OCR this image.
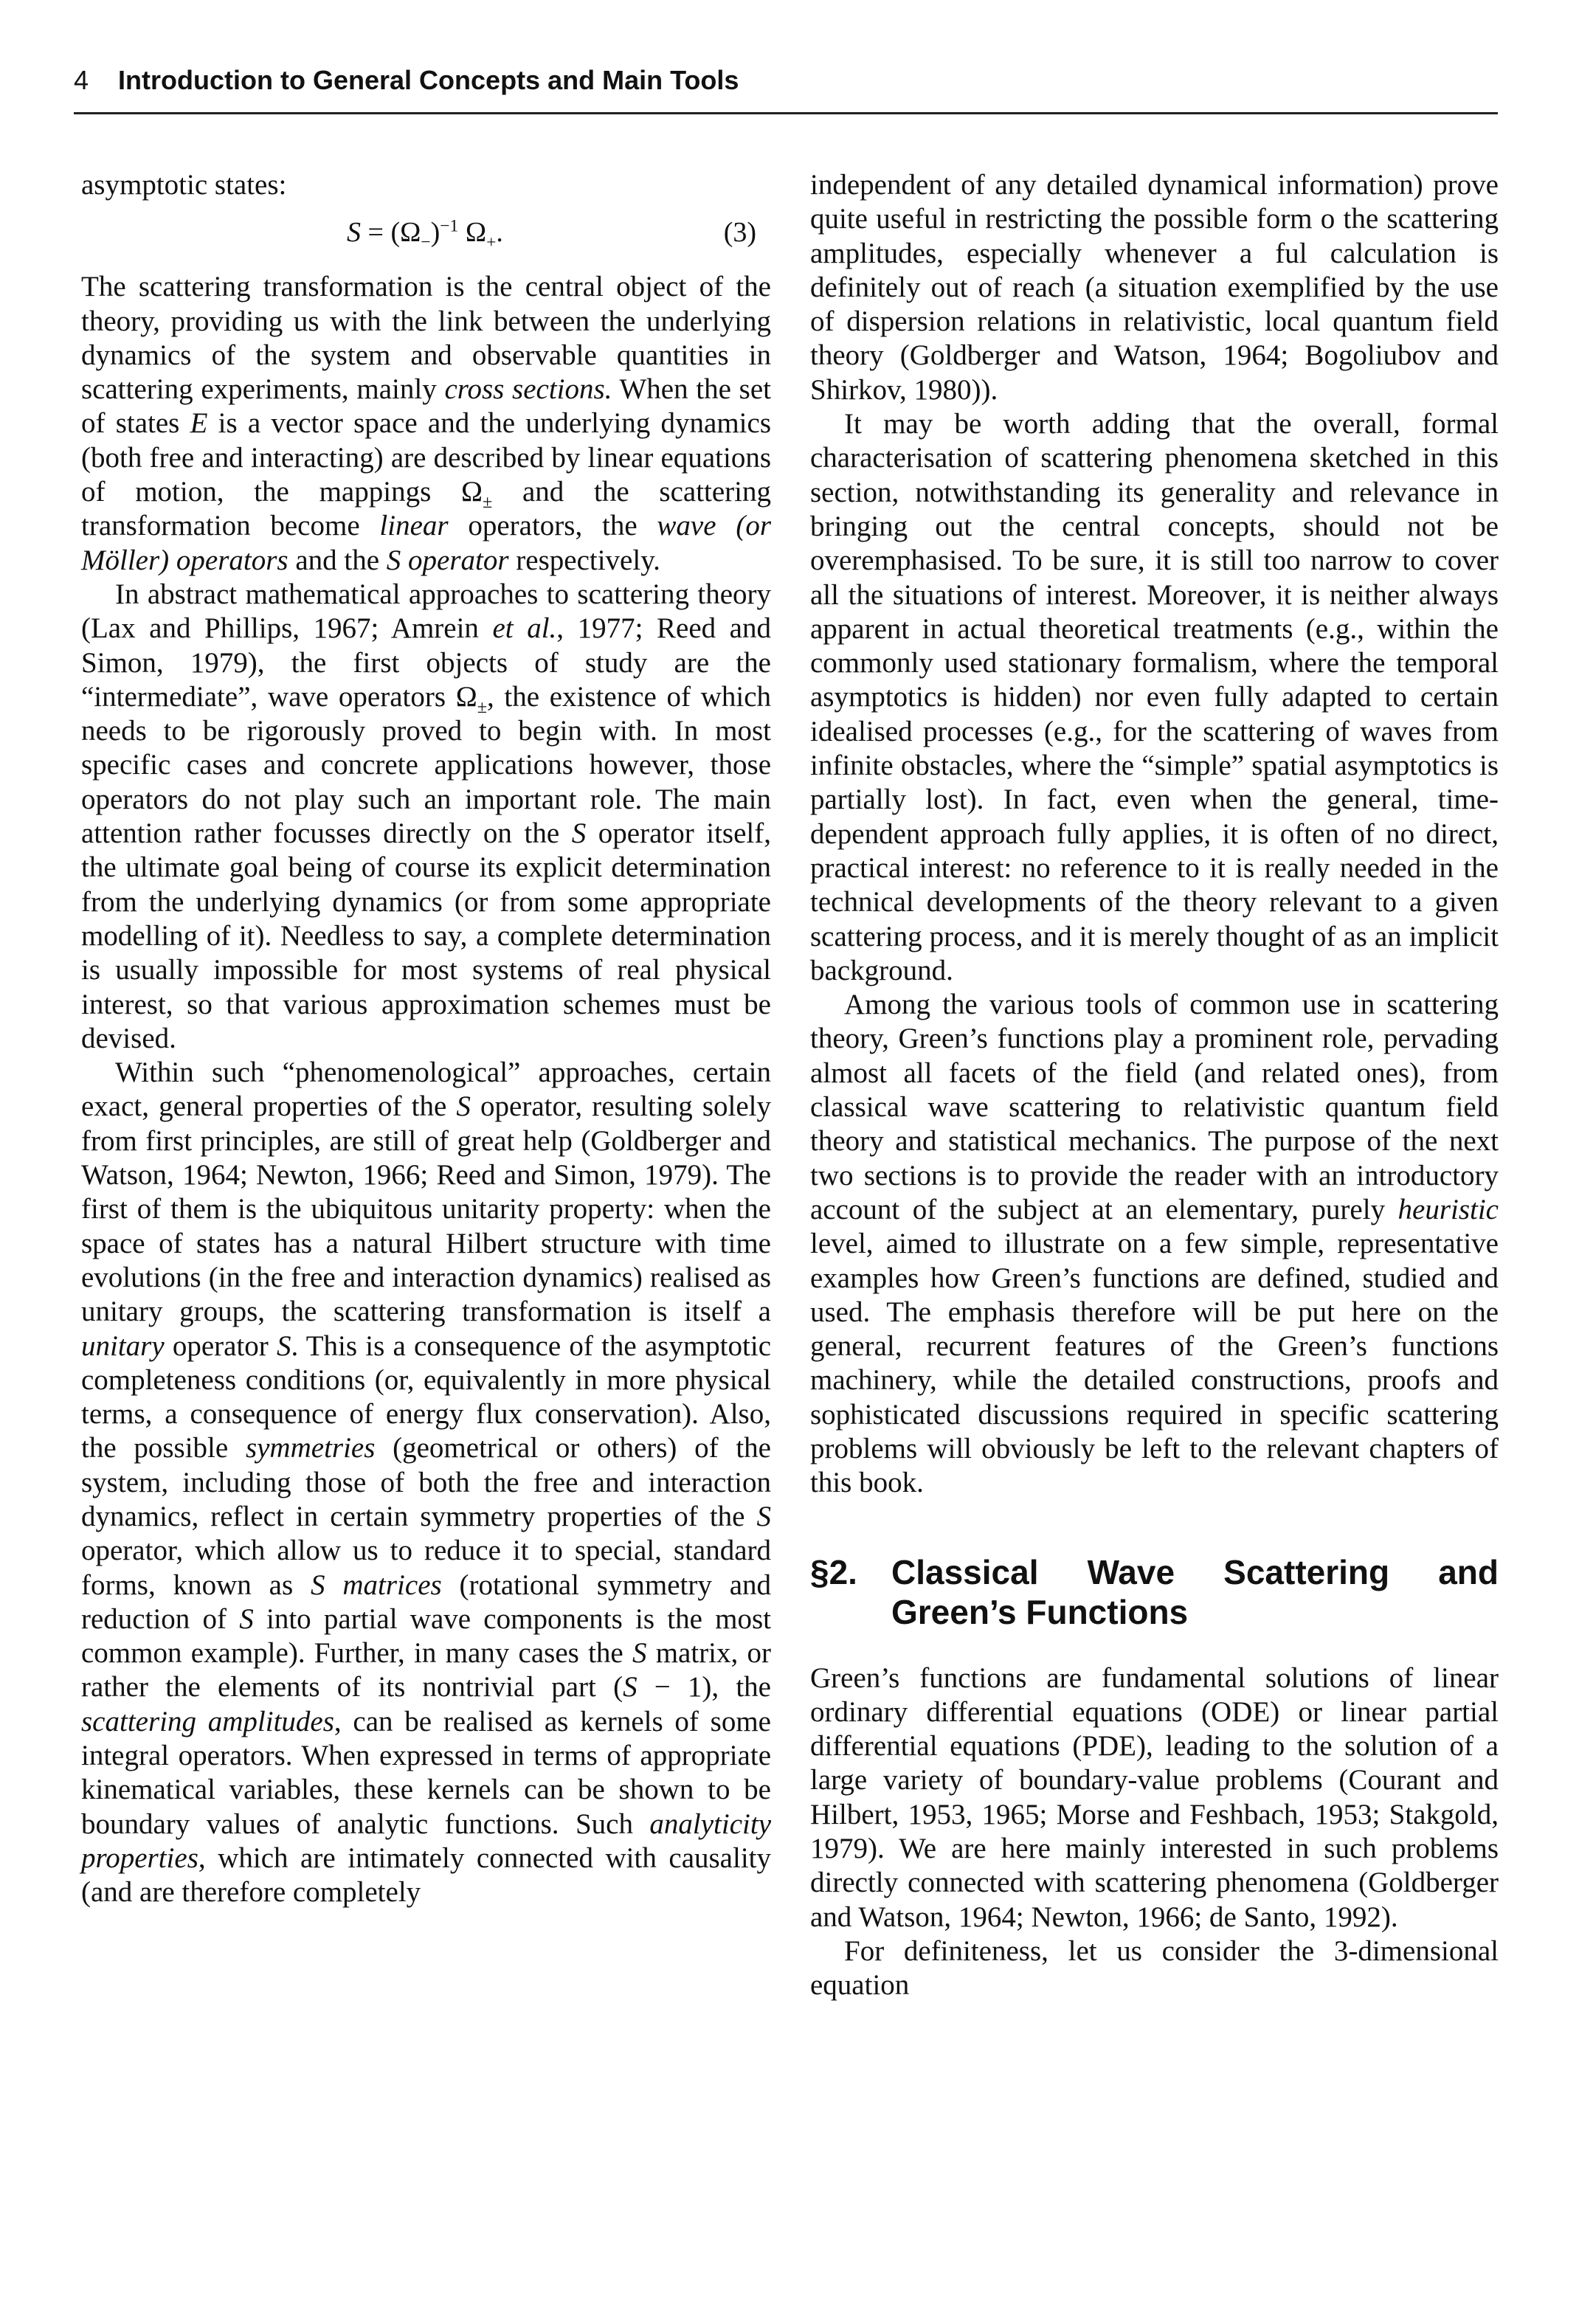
4 Introduction to General Concepts and Main Tools

asymptotic states:

$S = (\Omega_-)^{-1}$ $\Omega_+$.	(3)

The scattering transformation is the central object of the theory, providing us with the link between the underlying dynamics of the system and observable quantities in scattering experiments, mainly cross sections. When the set of states E is a vector space and the underlying dynamics (both free and interacting) are described by linear equations of motion, the mappings $\Omega_\pm$ and the scattering transformation become linear operators, the wave (or Möller) operators and the S operator respectively.

In abstract mathematical approaches to scattering theory (Lax and Phillips, 1967; Amrein et al., 1977; Reed and Simon, 1979), the first objects of study are the “intermediate”, wave operators $\Omega_\pm$, the existence of which needs to be rigorously proved to begin with. In most specific cases and concrete applications however, those operators do not play such an important role. The main attention rather focusses directly on the S operator itself, the ultimate goal being of course its explicit determination from the underlying dynamics (or from some appropriate modelling of it). Needless to say, a complete determination is usually impossible for most systems of real physical interest, so that various approximation schemes must be devised.

Within such “phenomenological” approaches, certain exact, general properties of the S operator, resulting solely from first principles, are still of great help (Goldberger and Watson, 1964; Newton, 1966; Reed and Simon, 1979). The first of them is the ubiquitous unitarity property: when the space of states has a natural Hilbert structure with time evolutions (in the free and interaction dynamics) realised as unitary groups, the scattering transformation is itself a unitary operator S. This is a consequence of the asymptotic completeness conditions (or, equivalently in more physical terms, a consequence of energy flux conservation). Also, the possible symmetries (geometrical or others) of the system, including those of both the free and interaction dynamics, reflect in certain symmetry properties of the S operator, which allow us to reduce it to special, standard forms, known as S matrices (rotational symmetry and reduction of S into partial wave components is the most common example). Further, in many cases the S matrix, or rather the elements of its nontrivial part (S − 1), the scattering amplitudes, can be realised as kernels of some integral operators. When expressed in terms of appropriate kinematical variables, these kernels can be shown to be boundary values of analytic functions. Such analyticity properties, which are intimately connected with causality (and are therefore completely

independent of any detailed dynamical information) prove quite useful in restricting the possible form o the scattering amplitudes, especially whenever a ful calculation is definitely out of reach (a situation exemplified by the use of dispersion relations in relativistic, local quantum field theory (Goldberger and Watson, 1964; Bogoliubov and Shirkov, 1980)).

It may be worth adding that the overall, formal characterisation of scattering phenomena sketched in this section, notwithstanding its generality and relevance in bringing out the central concepts, should not be overemphasised. To be sure, it is still too narrow to cover all the situations of interest. Moreover, it is neither always apparent in actual theoretical treatments (e.g., within the commonly used stationary formalism, where the temporal asymptotics is hidden) nor even fully adapted to certain idealised processes (e.g., for the scattering of waves from infinite obstacles, where the “simple” spatial asymptotics is partially lost). In fact, even when the general, time-dependent approach fully applies, it is often of no direct, practical interest: no reference to it is really needed in the technical developments of the theory relevant to a given scattering process, and it is merely thought of as an implicit background.

Among the various tools of common use in scattering theory, Green’s functions play a prominent role, pervading almost all facets of the field (and related ones), from classical wave scattering to relativistic quantum field theory and statistical mechanics. The purpose of the next two sections is to provide the reader with an introductory account of the subject at an elementary, purely heuristic level, aimed to illustrate on a few simple, representative examples how Green’s functions are defined, studied and used. The emphasis therefore will be put here on the general, recurrent features of the Green’s functions machinery, while the detailed constructions, proofs and sophisticated discussions required in specific scattering problems will obviously be left to the relevant chapters of this book.

§2.	Classical Wave Scattering and
Green’s Functions

Green’s functions are fundamental solutions of linear ordinary differential equations (ODE) or linear partial differential equations (PDE), leading to the solution of a large variety of boundary-value problems (Courant and Hilbert, 1953, 1965; Morse and Feshbach, 1953; Stakgold, 1979). We are here mainly interested in such problems directly connected with scattering phenomena (Goldberger and Watson, 1964; Newton, 1966; de Santo, 1992).

For definiteness, let us consider the 3-dimensional equation
